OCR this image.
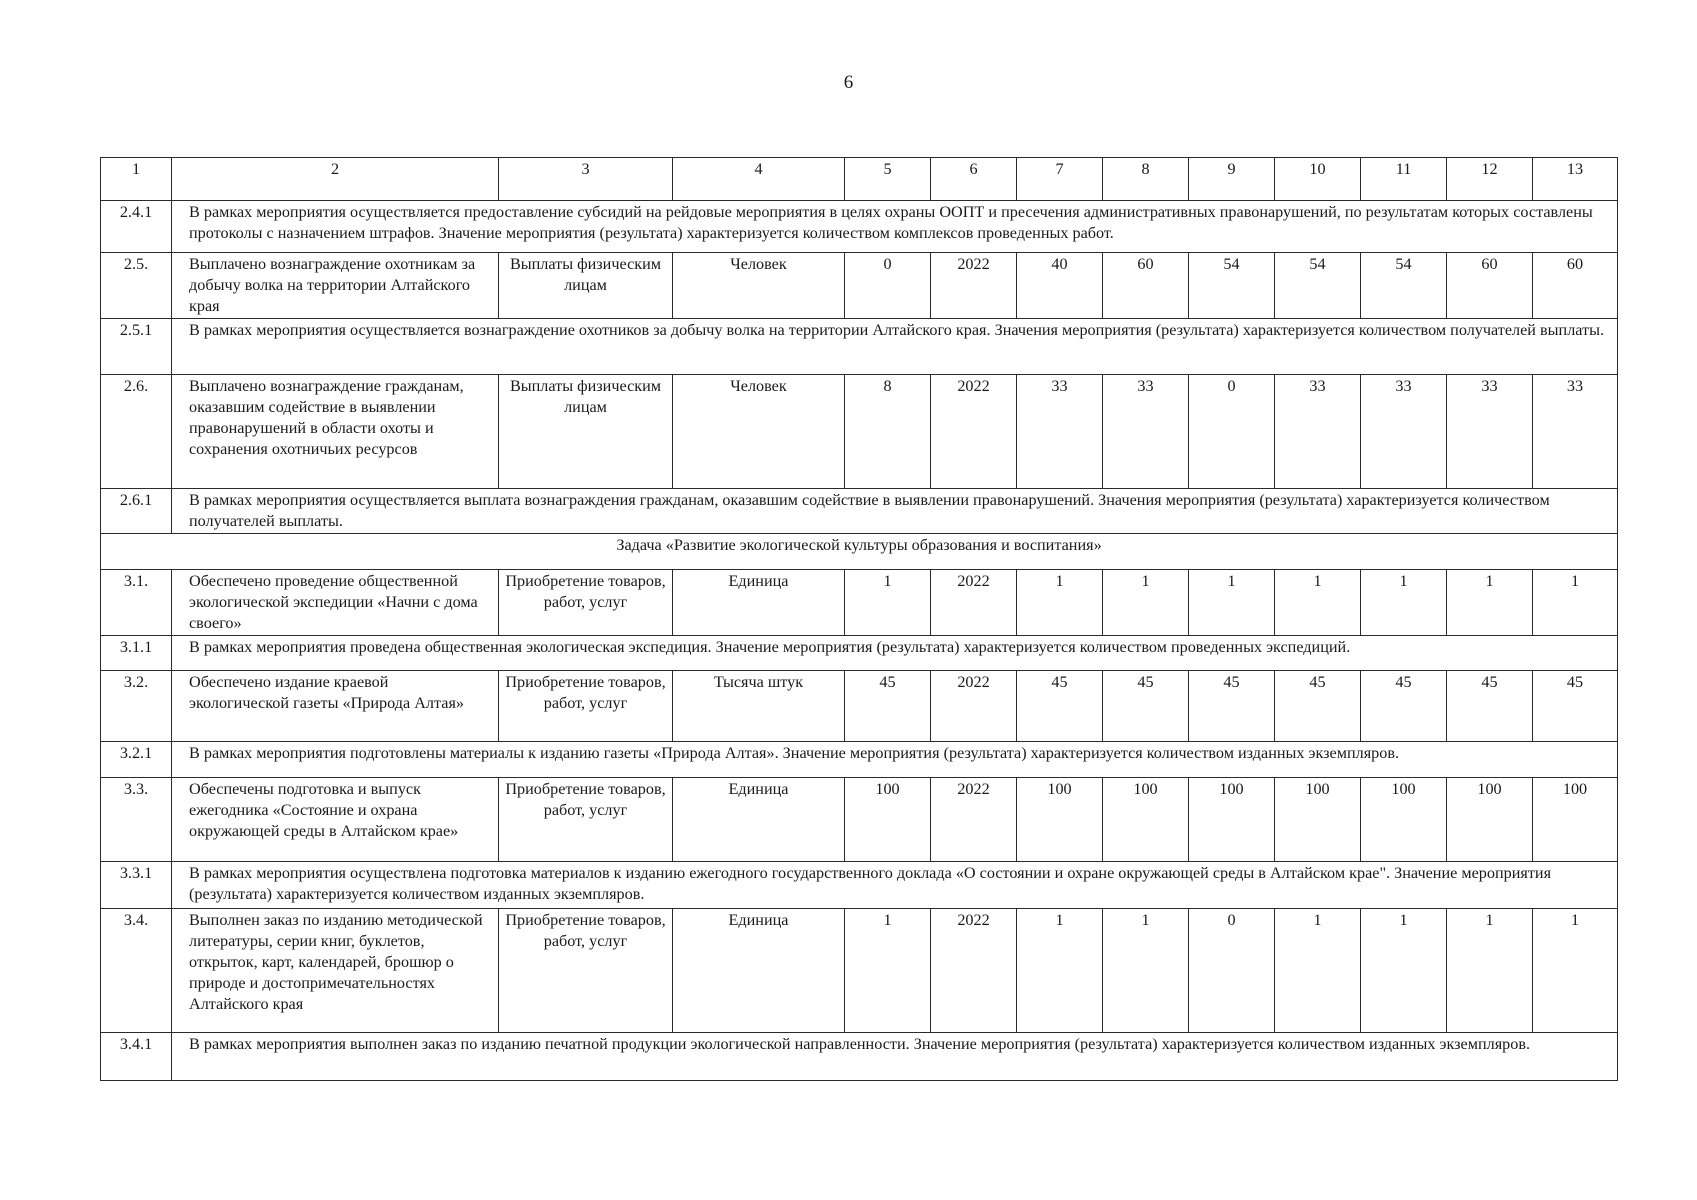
6
1	2	3	4	5	6	7	8	9	10	11	12	13
2.4.1	В рамках мероприятия осуществляется предоставление субсидий на рейдовые мероприятия в целях охраны ООПТ и пресечения административных правонарушений, по результатам которых составлены протоколы с назначением штрафов. Значение мероприятия (результата) характеризуется количеством комплексов проведенных работ.											
2.5.	Выплачено вознаграждение охотникам за добычу волка на территории Алтайского края	Выплаты физическим лицам	Человек	0	2022	40	60	54	54	54	60	60
2.5.1	В рамках мероприятия осуществляется вознаграждение охотников за добычу волка на территории Алтайского края. Значения мероприятия (результата) характеризуется количеством получателей выплаты.											
2.6.	Выплачено вознаграждение гражданам, оказавшим содействие в выявлении правонарушений в области охоты и сохранения охотничьих ресурсов	Выплаты физическим лицам	Человек	8	2022	33	33	0	33	33	33	33
2.6.1	В рамках мероприятия осуществляется выплата вознаграждения гражданам, оказавшим содействие в выявлении правонарушений. Значения мероприятия (результата) характеризуется количеством получателей выплаты.											
Задача «Развитие экологической культуры образования и воспитания»												
3.1.	Обеспечено проведение общественной экологической экспедиции «Начни с дома своего»	Приобретение товаров, работ, услуг	Единица	1	2022	1	1	1	1	1	1	1
3.1.1	В рамках мероприятия проведена общественная экологическая экспедиция. Значение мероприятия (результата) характеризуется количеством проведенных экспедиций.											
3.2.	Обеспечено издание краевой экологической газеты «Природа Алтая»	Приобретение товаров, работ, услуг	Тысяча штук	45	2022	45	45	45	45	45	45	45
3.2.1	В рамках мероприятия подготовлены материалы к изданию газеты «Природа Алтая». Значение мероприятия (результата) характеризуется количеством изданных экземпляров.											
3.3.	Обеспечены подготовка и выпуск ежегодника «Состояние и охрана окружающей среды в Алтайском крае»	Приобретение товаров, работ, услуг	Единица	100	2022	100	100	100	100	100	100	100
3.3.1	В рамках мероприятия осуществлена подготовка материалов к изданию ежегодного государственного доклада «О состоянии и охране окружающей среды в Алтайском крае". Значение мероприятия (результата) характеризуется количеством изданных экземпляров.											
3.4.	Выполнен заказ по изданию методической литературы, серии книг, буклетов, открыток, карт, календарей, брошюр о природе и достопримечательностях Алтайского края	Приобретение товаров, работ, услуг	Единица	1	2022	1	1	0	1	1	1	1
3.4.1	В рамках мероприятия выполнен заказ по изданию печатной продукции экологической направленности. Значение мероприятия (результата) характеризуется количеством изданных экземпляров.											
